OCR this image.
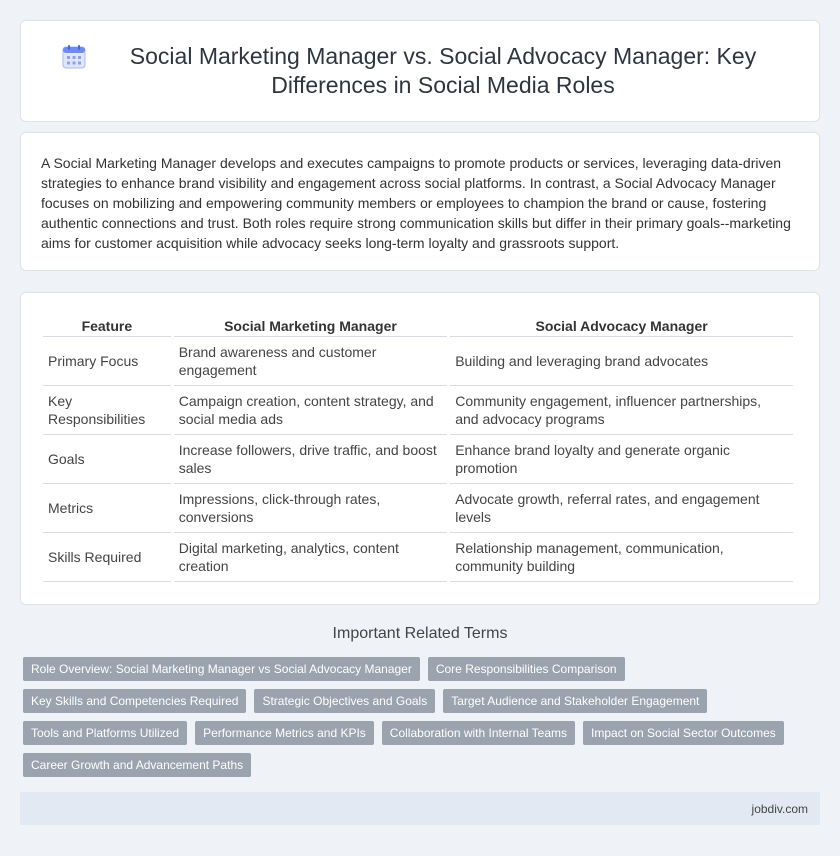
Social Marketing Manager vs. Social Advocacy Manager: Key Differences in Social Media Roles

A Social Marketing Manager develops and executes campaigns to promote products or services, leveraging data-driven strategies to enhance brand visibility and engagement across social platforms. In contrast, a Social Advocacy Manager focuses on mobilizing and empowering community members or employees to champion the brand or cause, fostering authentic connections and trust. Both roles require strong communication skills but differ in their primary goals--marketing aims for customer acquisition while advocacy seeks long-term loyalty and grassroots support.

Feature	Social Marketing Manager	Social Advocacy Manager
Primary Focus	Brand awareness and customer engagement	Building and leveraging brand advocates
Key Responsibilities	Campaign creation, content strategy, and social media ads	Community engagement, influencer partnerships, and advocacy programs
Goals	Increase followers, drive traffic, and boost sales	Enhance brand loyalty and generate organic promotion
Metrics	Impressions, click-through rates, conversions	Advocate growth, referral rates, and engagement levels
Skills Required	Digital marketing, analytics, content creation	Relationship management, communication, community building
Important Related Terms
Role Overview: Social Marketing Manager vs Social Advocacy Manager	Core Responsibilities Comparison
Key Skills and Competencies Required	Strategic Objectives and Goals	Target Audience and Stakeholder Engagement
Tools and Platforms Utilized	Performance Metrics and KPIs	Collaboration with Internal Teams	Impact on Social Sector Outcomes
Career Growth and Advancement Paths
jobdiv.com
